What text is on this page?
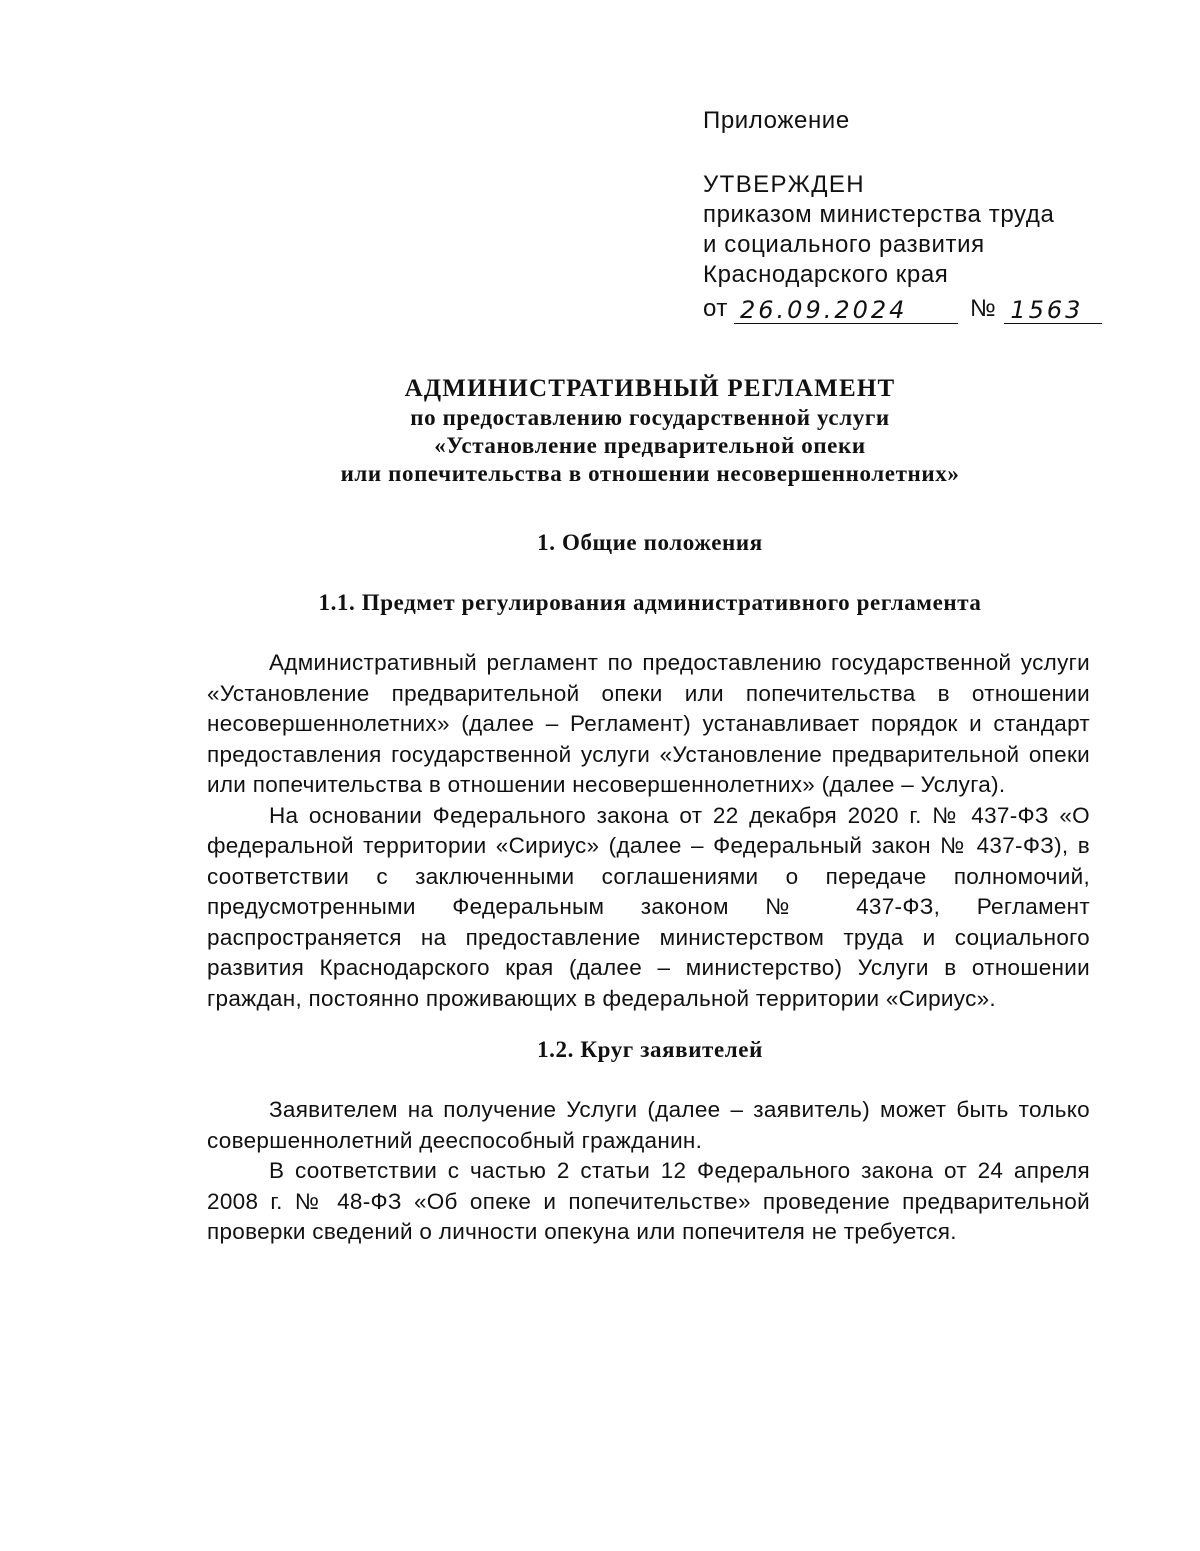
Приложение

УТВЕРЖДЕН

приказом министерства труда

и социального развития

Краснодарского края

от 26.09.2024	№ 1563
АДМИНИСТРАТИВНЫЙ РЕГЛАМЕНТ
по предоставлению государственной услуги
«Установление предварительной опеки
или попечительства в отношении несовершеннолетних»
1. Общие положения
1.1. Предмет регулирования административного регламента

Административный регламент по предоставлению государственной услуги «Установление предварительной опеки или попечительства в отношении несовершеннолетних» (далее – Регламент) устанавливает порядок и стандарт предоставления государственной услуги «Установление предварительной опеки или попечительства в отношении несовершеннолетних» (далее – Услуга).

На основании Федерального закона от 22 декабря 2020 г. № 437-ФЗ «О федеральной территории «Сириус» (далее – Федеральный закон № 437-ФЗ), в соответствии с заключенными соглашениями о передаче полномочий, предусмотренными Федеральным законом № 437-ФЗ, Регламент распространяется на предоставление министерством труда и социального развития Краснодарского края (далее – министерство) Услуги в отношении граждан, постоянно проживающих в федеральной территории «Сириус».

1.2. Круг заявителей

Заявителем на получение Услуги (далее – заявитель) может быть только совершеннолетний дееспособный гражданин.

В соответствии с частью 2 статьи 12 Федерального закона от 24 апреля 2008 г. № 48-ФЗ «Об опеке и попечительстве» проведение предварительной проверки сведений о личности опекуна или попечителя не требуется.
